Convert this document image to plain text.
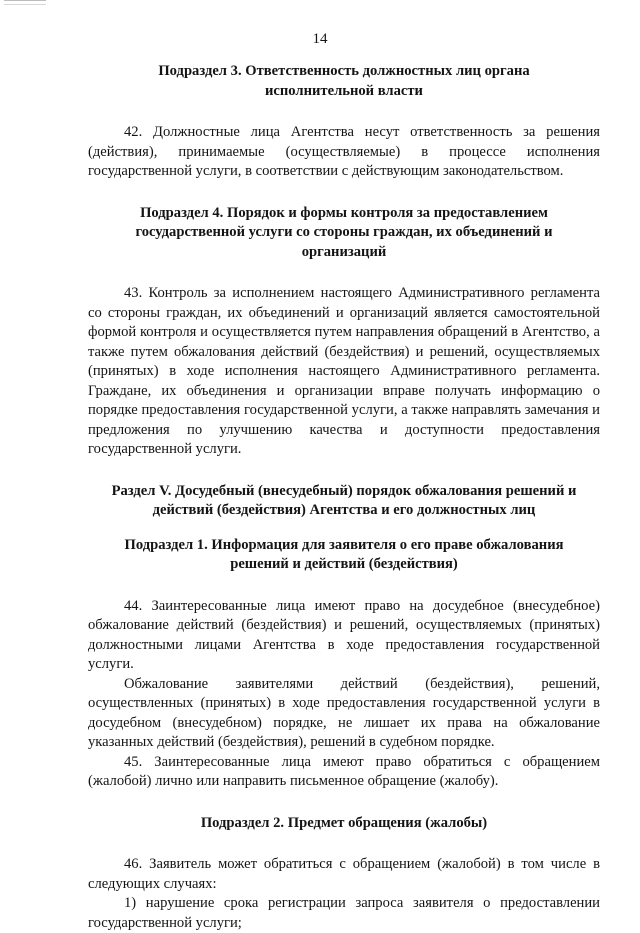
14

Подраздел 3. Ответственность должностных лиц органа исполнительной власти

42. Должностные лица Агентства несут ответственность за решения (действия), принимаемые (осуществляемые) в процессе исполнения государственной услуги, в соответствии с действующим законодательством.

Подраздел 4. Порядок и формы контроля за предоставлением государственной услуги со стороны граждан, их объединений и организаций

43. Контроль за исполнением настоящего Административного регламента со стороны граждан, их объединений и организаций является самостоятельной формой контроля и осуществляется путем направления обращений в Агентство, а также путем обжалования действий (бездействия) и решений, осуществляемых (принятых) в ходе исполнения настоящего Административного регламента. Граждане, их объединения и организации вправе получать информацию о порядке предоставления государственной услуги, а также направлять замечания и предложения по улучшению качества и доступности предоставления государственной услуги.

Раздел V. Досудебный (внесудебный) порядок обжалования решений и действий (бездействия) Агентства и его должностных лиц

Подраздел 1. Информация для заявителя о его праве обжалования решений и действий (бездействия)

44. Заинтересованные лица имеют право на досудебное (внесудебное) обжалование действий (бездействия) и решений, осуществляемых (принятых) должностными лицами Агентства в ходе предоставления государственной услуги.

Обжалование заявителями действий (бездействия), решений, осуществленных (принятых) в ходе предоставления государственной услуги в досудебном (внесудебном) порядке, не лишает их права на обжалование указанных действий (бездействия), решений в судебном порядке.

45. Заинтересованные лица имеют право обратиться с обращением (жалобой) лично или направить письменное обращение (жалобу).

Подраздел 2. Предмет обращения (жалобы)

46. Заявитель может обратиться с обращением (жалобой) в том числе в следующих случаях:

1) нарушение срока регистрации запроса заявителя о предоставлении государственной услуги;
